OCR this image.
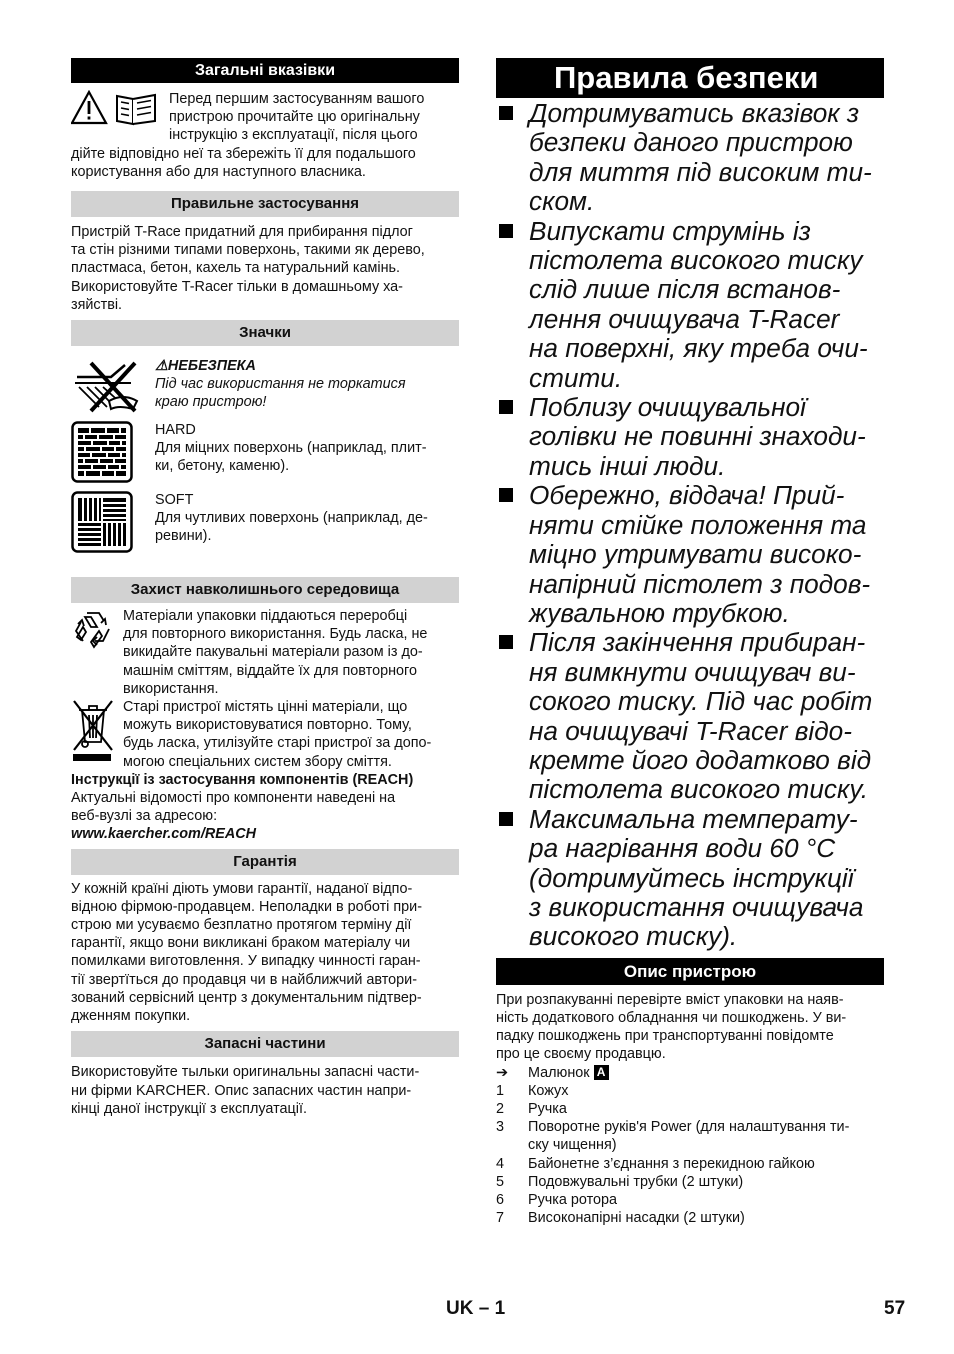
Загальні вказівки

Перед першим застосуванням вашого

пристрою прочитайте цю оригінальну

інструкцію з експлуатації, після цього

дійте відповідно неї та збережіть її для подальшого

користування або для наступного власника.

Правильне застосування

Пристрій T-Race придатний для прибирання підлог

та стін різними типами поверхонь, такими як дерево,

пластмаса, бетон, кахель та натуральний камінь.

Використовуйте T-Racer тільки в домашньому ха-

зяйстві.

Значки
⚠НЕБЕЗПЕКА
Під час використання не торкатися
краю пристрою!
HARD
Для міцних поверхонь (наприклад, плит-
ки, бетону, каменю).
SOFT
Для чутливих поверхонь (наприклад, де-
ревини).
Захист навколишнього середовища

Матеріали упаковки піддаються переробці

для повторного використання. Будь ласка, не

викидайте пакувальні матеріали разом із до-

машнім сміттям, віддайте їх для повторного

використання.

Старі пристрої містять цінні матеріали, що

можуть використовуватися повторно. Тому,

будь ласка, утилізуйте старі пристрої за допо-

могою спеціальних систем збору сміття.

Інструкції із застосування компонентів (REACH)

Актуальні відомості про компоненти наведені на

веб-вузлі за адресою:

www.kaercher.com/REACH

Гарантія

У кожній країні діють умови гарантії, наданої відпо-

відною фірмою-продавцем. Неполадки в роботі при-

строю ми усуваємо безплатно протягом терміну дії

гарантії, якщо вони викликані браком матеріалу чи

помилками виготовлення. У випадку чинності гаран-

тії звертїться до продавця чи в найближчий автори-

зований сервісний центр з документальним підтвер-

дженням покупки.

Запасні частини

Використовуйте тыльки оригинальны запасні части-

ни фірми KARCHER. Опис запасних частин напри-

кінці даної інструкції з експлуатації.

Правила безпеки
Дотримуватись вказівок з
безпеки даного пристрою
для миття під високим ти-
ском.
Випускати струмінь із
пістолета високого тиску
слід лише після встанов-
лення очищувача T-Racer
на поверхні, яку треба очи-
стити.
Поблизу очищувальної
голівки не повинні знаходи-
тись інші люди.
Обережно, віддача! Прий-
няти стійке положення та
міцно утримувати високо-
напірний пістолет з подов-
жувальною трубкою.
Після закінчення прибиран-
ня вимкнути очищувач ви-
сокого тиску. Під час робіт
на очищувачі T-Racer відо-
кремте його додатково від
пістолета високого тиску.
Максимальна температу-
ра нагрівання води 60 °C
(дотримуйтесь інструкції
з використання очищувача
високого тиску).
Опис пристрою

При розпакуванні перевірте вміст упаковки на наяв-

ність додаткового обладнання чи пошкоджень. У ви-

падку пошкоджень при транспортуванні повідомте

про це своєму продавцю.

➔	Малюнок A
1	Кожух
2	Ручка
3	Поворотне руків'я Power (для налаштування ти-
ску чищення)
4	Байонетне з’єднання з перекидною гайкою
5	Подовжувальні трубки (2 штуки)
6	Ручка ротора
7	Високонапірні насадки (2 штуки)
UK – 1	57
